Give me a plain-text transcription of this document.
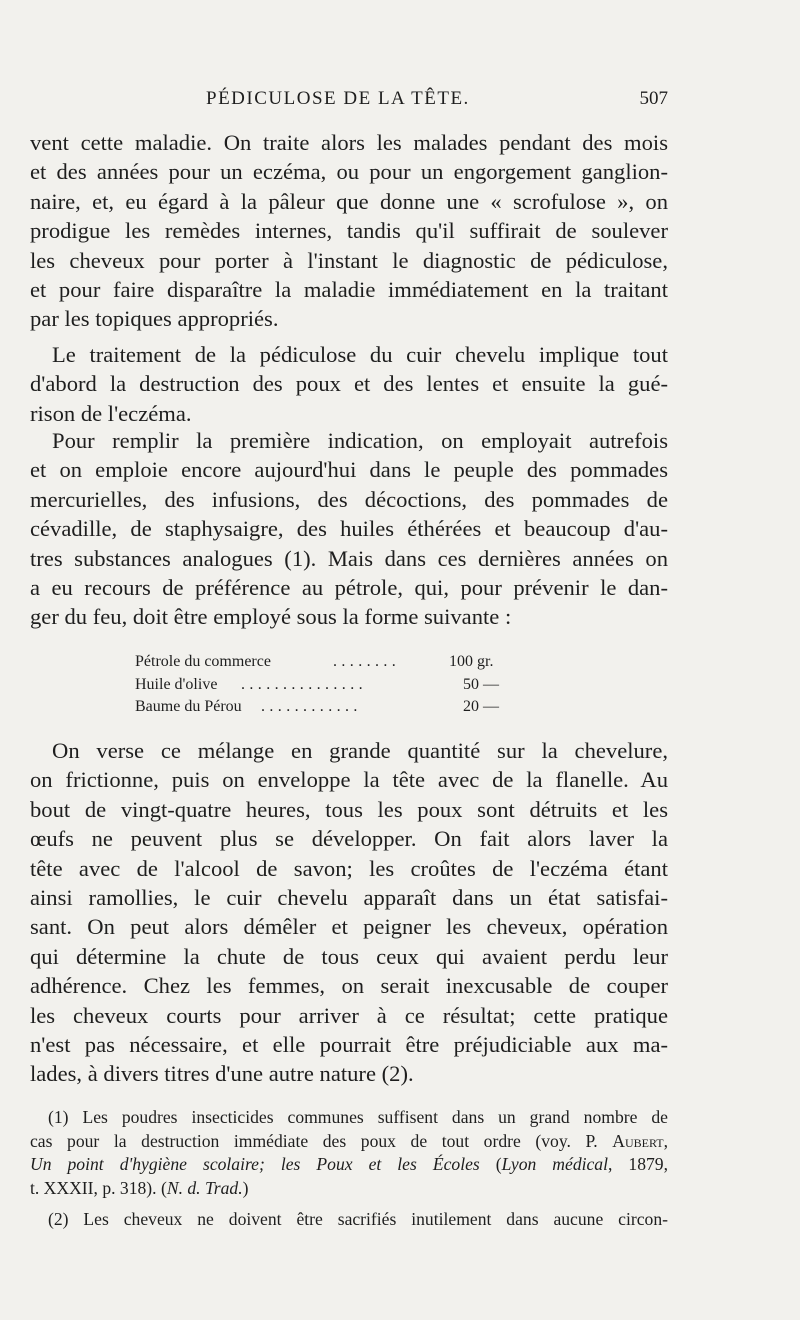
PÉDICULOSE DE LA TÊTE.	507
vent cette maladie. On traite alors les malades pendant des mois
et des années pour un eczéma, ou pour un engorgement ganglion-
naire, et, eu égard à la pâleur que donne une « scrofulose », on
prodigue les remèdes internes, tandis qu'il suffirait de soulever
les cheveux pour porter à l'instant le diagnostic de pédiculose,
et pour faire disparaître la maladie immédiatement en la traitant
par les topiques appropriés.
Le traitement de la pédiculose du cuir chevelu implique tout
d'abord la destruction des poux et des lentes et ensuite la gué-
rison de l'eczéma.
Pour remplir la première indication, on employait autrefois
et on emploie encore aujourd'hui dans le peuple des pommades
mercurielles, des infusions, des décoctions, des pommades de
cévadille, de staphysaigre, des huiles éthérées et beaucoup d'au-
tres substances analogues (1). Mais dans ces dernières années on
a eu recours de préférence au pétrole, qui, pour prévenir le dan-
ger du feu, doit être employé sous la forme suivante :
Pétrole du commerce	........	100 gr.
Huile d'olive ...............	50 —
Baume du Pérou ............	20 —
On verse ce mélange en grande quantité sur la chevelure,
on frictionne, puis on enveloppe la tête avec de la flanelle. Au
bout de vingt-quatre heures, tous les poux sont détruits et les
œufs ne peuvent plus se développer. On fait alors laver la
tête avec de l'alcool de savon; les croûtes de l'eczéma étant
ainsi ramollies, le cuir chevelu apparaît dans un état satisfai-
sant. On peut alors démêler et peigner les cheveux, opération
qui détermine la chute de tous ceux qui avaient perdu leur
adhérence. Chez les femmes, on serait inexcusable de couper
les cheveux courts pour arriver à ce résultat; cette pratique
n'est pas nécessaire, et elle pourrait être préjudiciable aux ma-
lades, à divers titres d'une autre nature (2).
(1) Les poudres insecticides communes suffisent dans un grand nombre de
cas pour la destruction immédiate des poux de tout ordre (voy. P. Aubert,
Un point d'hygiène scolaire; les Poux et les Écoles (Lyon médical, 1879,
t. XXXII, p. 318). (N. d. Trad.)
(2) Les cheveux ne doivent être sacrifiés inutilement dans aucune circon-
